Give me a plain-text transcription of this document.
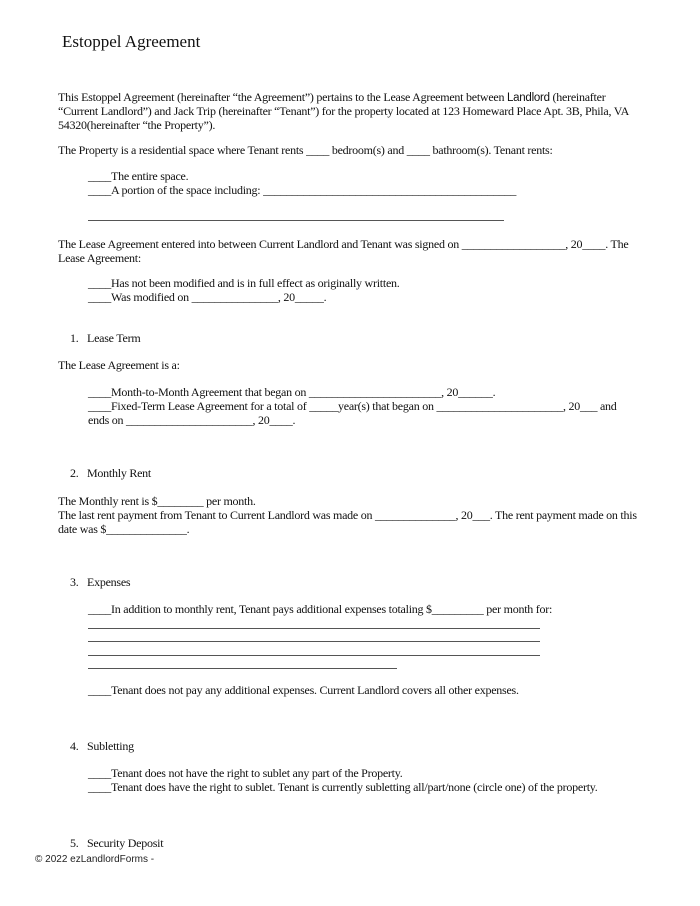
Estoppel Agreement
This Estoppel Agreement (hereinafter “the Agreement”) pertains to the Lease Agreement between Landlord (hereinafter
“Current Landlord”) and Jack Trip (hereinafter “Tenant”) for the property located at 123 Homeward Place Apt. 3B, Phila, VA
54320(hereinafter “the Property”).
The Property is a residential space where Tenant rents ____ bedroom(s) and ____ bathroom(s). Tenant rents:
____The entire space.
____A portion of the space including: ____________________________________________
The Lease Agreement entered into between Current Landlord and Tenant was signed on __________________, 20____. The
Lease Agreement:
____Has not been modified and is in full effect as originally written.
____Was modified on _______________, 20_____.
1. Lease Term
The Lease Agreement is a:
____Month-to-Month Agreement that began on _______________________, 20______.
____Fixed-Term Lease Agreement for a total of _____year(s) that began on ______________________, 20___ and
ends on ______________________, 20____.
2. Monthly Rent
The Monthly rent is $________ per month.
The last rent payment from Tenant to Current Landlord was made on ______________, 20___. The rent payment made on this
date was $______________.
3. Expenses
____In addition to monthly rent, Tenant pays additional expenses totaling $_________ per month for:
____Tenant does not pay any additional expenses. Current Landlord covers all other expenses.
4. Subletting
____Tenant does not have the right to sublet any part of the Property.
____Tenant does have the right to sublet. Tenant is currently subletting all/part/none (circle one) of the property.
5. Security Deposit
© 2022 ezLandlordForms -
